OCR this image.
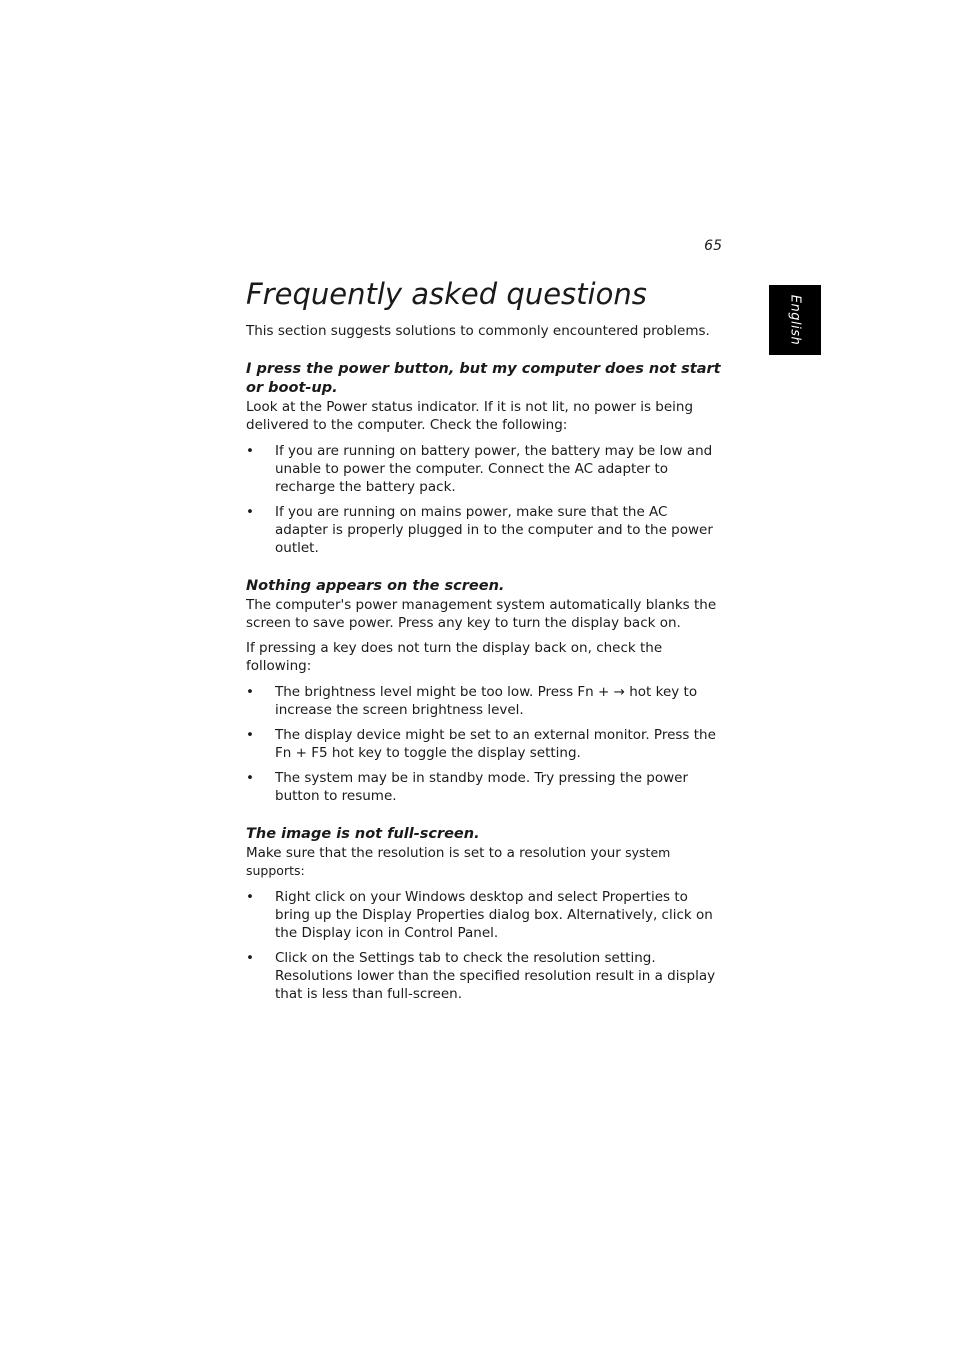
65
English
Frequently asked questions

This section suggests solutions to commonly encountered problems.

I press the power button, but my computer does not start or boot-up.

Look at the Power status indicator. If it is not lit, no power is being delivered to the computer. Check the following:

• If you are running on battery power, the battery may be low and unable to power the computer. Connect the AC adapter to recharge the battery pack.
• If you are running on mains power, make sure that the AC adapter is properly plugged in to the computer and to the power outlet.
Nothing appears on the screen.

The computer's power management system automatically blanks the screen to save power. Press any key to turn the display back on.

If pressing a key does not turn the display back on, check the following:

• The brightness level might be too low. Press Fn + → hot key to increase the screen brightness level.
• The display device might be set to an external monitor. Press the Fn + F5 hot key to toggle the display setting.
• The system may be in standby mode. Try pressing the power button to resume.
The image is not full-screen.

Make sure that the resolution is set to a resolution your system supports:

• Right click on your Windows desktop and select Properties to bring up the Display Properties dialog box. Alternatively, click on the Display icon in Control Panel.
• Click on the Settings tab to check the resolution setting. Resolutions lower than the specified resolution result in a display that is less than full-screen.
